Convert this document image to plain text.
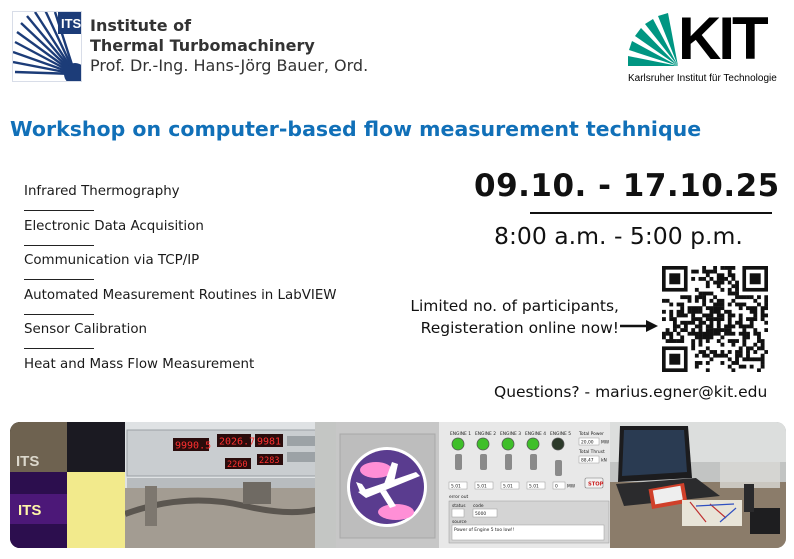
ITS Institute of
Thermal Turbomachinery
Prof. Dr.-Ing. Hans-Jörg Bauer, Ord.	KIT
Karlsruher Institut für Technologie
Workshop on computer-based flow measurement technique
Infrared Thermography
Electronic Data Acquisition
Communication via TCP/IP
Automated Measurement Routines in LabVIEW
Sensor Calibration
Heat and Mass Flow Measurement
09.10. - 17.10.25
8:00 a.m. - 5:00 p.m.
Limited no. of participants,
Registeration online now!
Questions? - marius.egner@kit.edu
ITS
ITS
9990.5 2026.7 9981
2260 2283
ENGINE 1 ENGINE 2 ENGINE 3 ENGINE 4 ENGINE 5 Total Power
20,00 MW
Total Thrust
88,47 kN
5.01	5.01	5.01	5.01	0 MW STOP
error out
status code
5000
source
Power of Engine 5 too low!!
